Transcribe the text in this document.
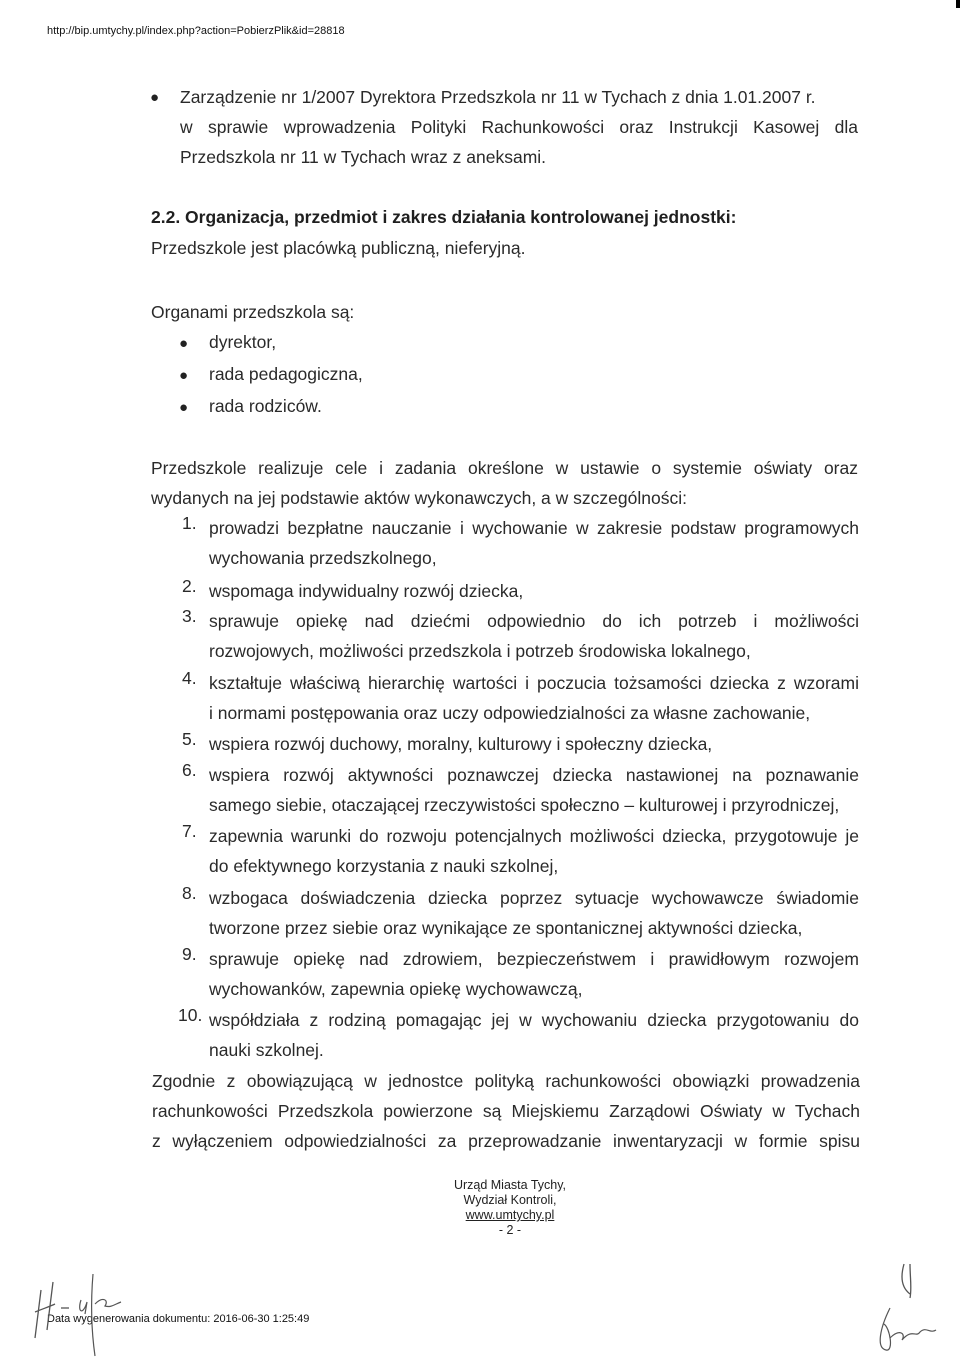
http://bip.umtychy.pl/index.php?action=PobierzPlik&id=28818
● Zarządzenie nr 1/2007 Dyrektora Przedszkola nr 11 w Tychach z dnia 1.01.2007 r.
w sprawie wprowadzenia Polityki Rachunkowości oraz Instrukcji Kasowej dla
Przedszkola nr 11 w Tychach wraz z aneksami.
2.2. Organizacja, przedmiot i zakres działania kontrolowanej jednostki:
Przedszkole jest placówką publiczną, nieferyjną.
Organami przedszkola są:
● dyrektor,
● rada pedagogiczna,
● rada rodziców.
Przedszkole realizuje cele i zadania określone w ustawie o systemie oświaty oraz
wydanych na jej podstawie aktów wykonawczych, a w szczególności:
1. prowadzi bezpłatne nauczanie i wychowanie w zakresie podstaw programowych
wychowania przedszkolnego,
2. wspomaga indywidualny rozwój dziecka,
3. sprawuje opiekę nad dziećmi odpowiednio do ich potrzeb i możliwości
rozwojowych, możliwości przedszkola i potrzeb środowiska lokalnego,
4. kształtuje właściwą hierarchię wartości i poczucia tożsamości dziecka z wzorami
i normami postępowania oraz uczy odpowiedzialności za własne zachowanie,
5. wspiera rozwój duchowy, moralny, kulturowy i społeczny dziecka,
6. wspiera rozwój aktywności poznawczej dziecka nastawionej na poznawanie
samego siebie, otaczającej rzeczywistości społeczno – kulturowej i przyrodniczej,
7. zapewnia warunki do rozwoju potencjalnych możliwości dziecka, przygotowuje je
do efektywnego korzystania z nauki szkolnej,
8. wzbogaca doświadczenia dziecka poprzez sytuacje wychowawcze świadomie
tworzone przez siebie oraz wynikające ze spontanicznej aktywności dziecka,
9. sprawuje opiekę nad zdrowiem, bezpieczeństwem i prawidłowym rozwojem
wychowanków, zapewnia opiekę wychowawczą,
10. współdziała z rodziną pomagając jej w wychowaniu dziecka przygotowaniu do
nauki szkolnej.
Zgodnie z obowiązującą w jednostce polityką rachunkowości obowiązki prowadzenia
rachunkowości Przedszkola powierzone są Miejskiemu Zarządowi Oświaty w Tychach
z wyłączeniem odpowiedzialności za przeprowadzanie inwentaryzacji w formie spisu
Urząd Miasta Tychy,
Wydział Kontroli,
www.umtychy.pl
- 2 -
Data wygenerowania dokumentu: 2016-06-30 1:25:49
